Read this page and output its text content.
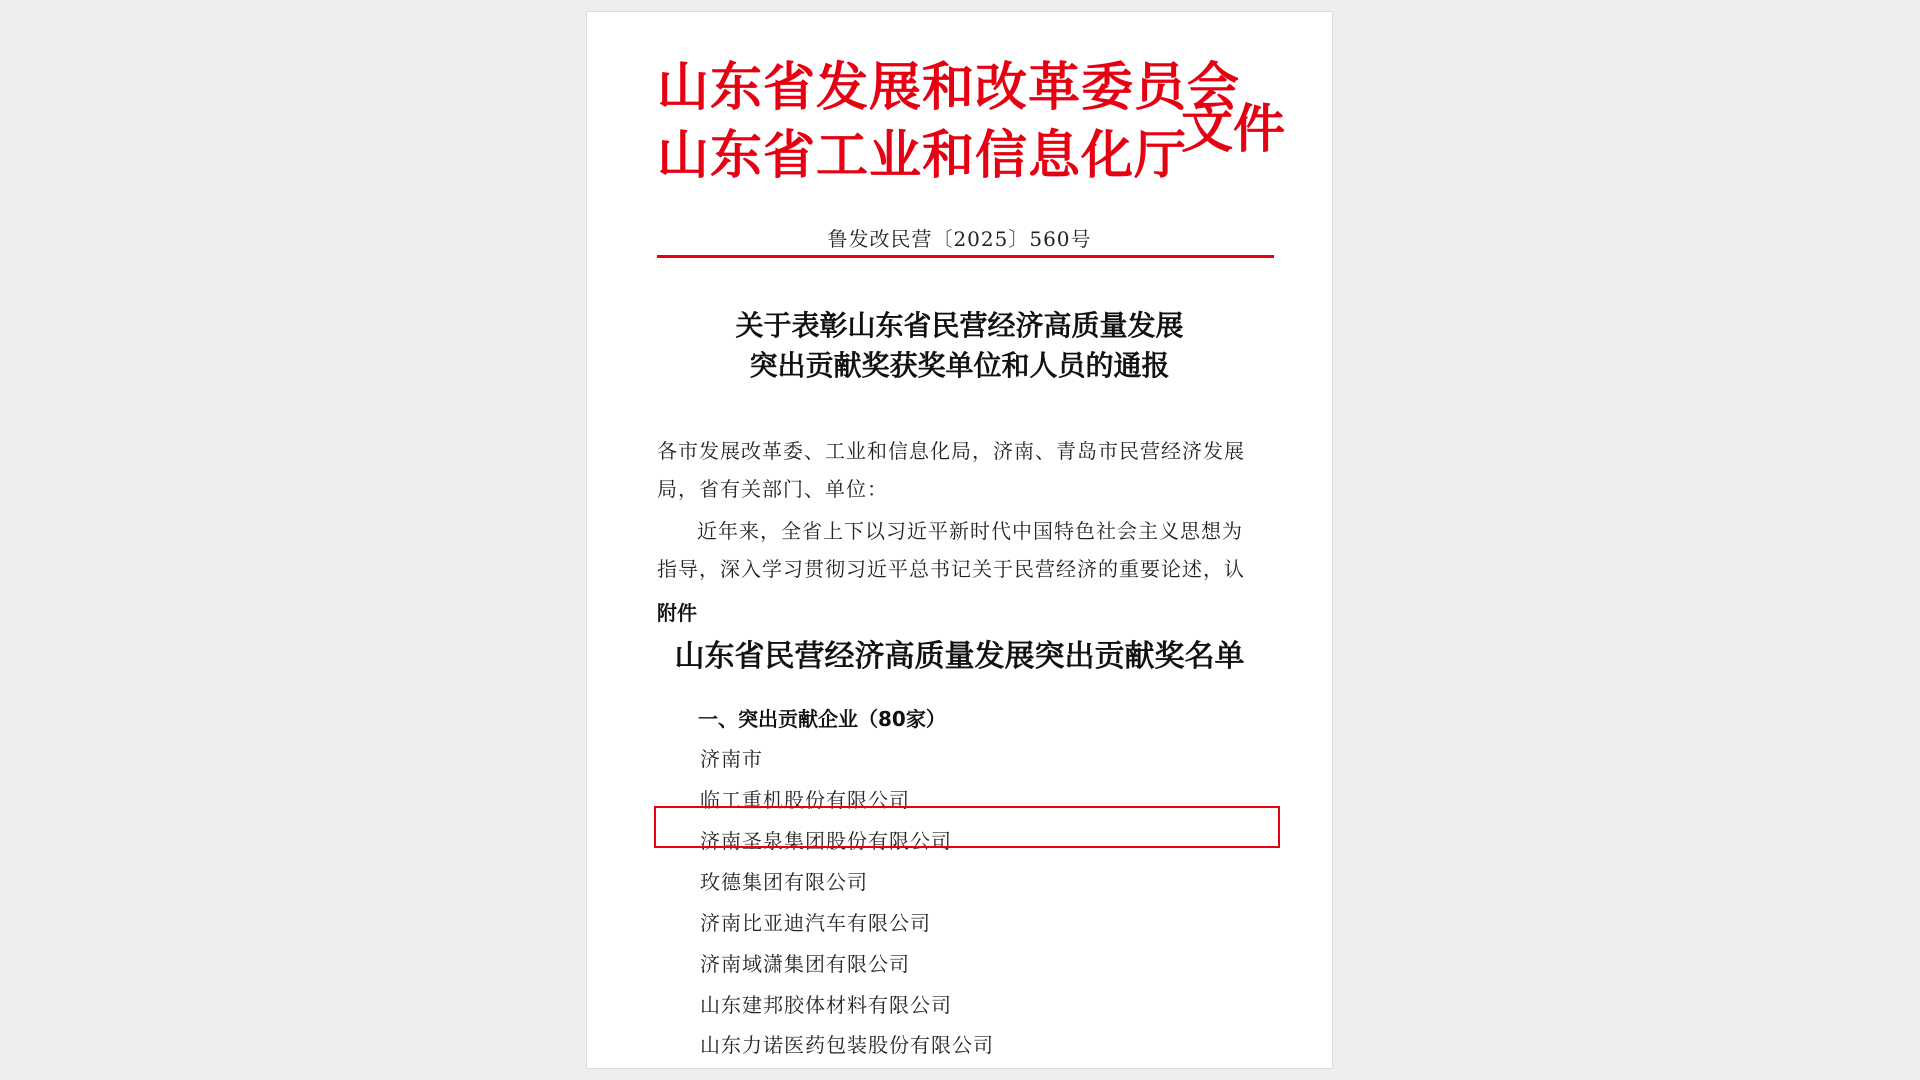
山东省发展和改革委员会
山东省工业和信息化厅
文件
鲁发改民营〔2025〕560号
关于表彰山东省民营经济高质量发展
突出贡献奖获奖单位和人员的通报

各市发展改革委、工业和信息化局，济南、青岛市民营经济发展

局，省有关部门、单位：

近年来，全省上下以习近平新时代中国特色社会主义思想为

指导，深入学习贯彻习近平总书记关于民营经济的重要论述，认

附件
山东省民营经济高质量发展突出贡献奖名单
一、突出贡献企业（80家）
济南市
临工重机股份有限公司
济南圣泉集团股份有限公司
玫德集团有限公司
济南比亚迪汽车有限公司
济南域潇集团有限公司
山东建邦胶体材料有限公司
山东力诺医药包装股份有限公司
